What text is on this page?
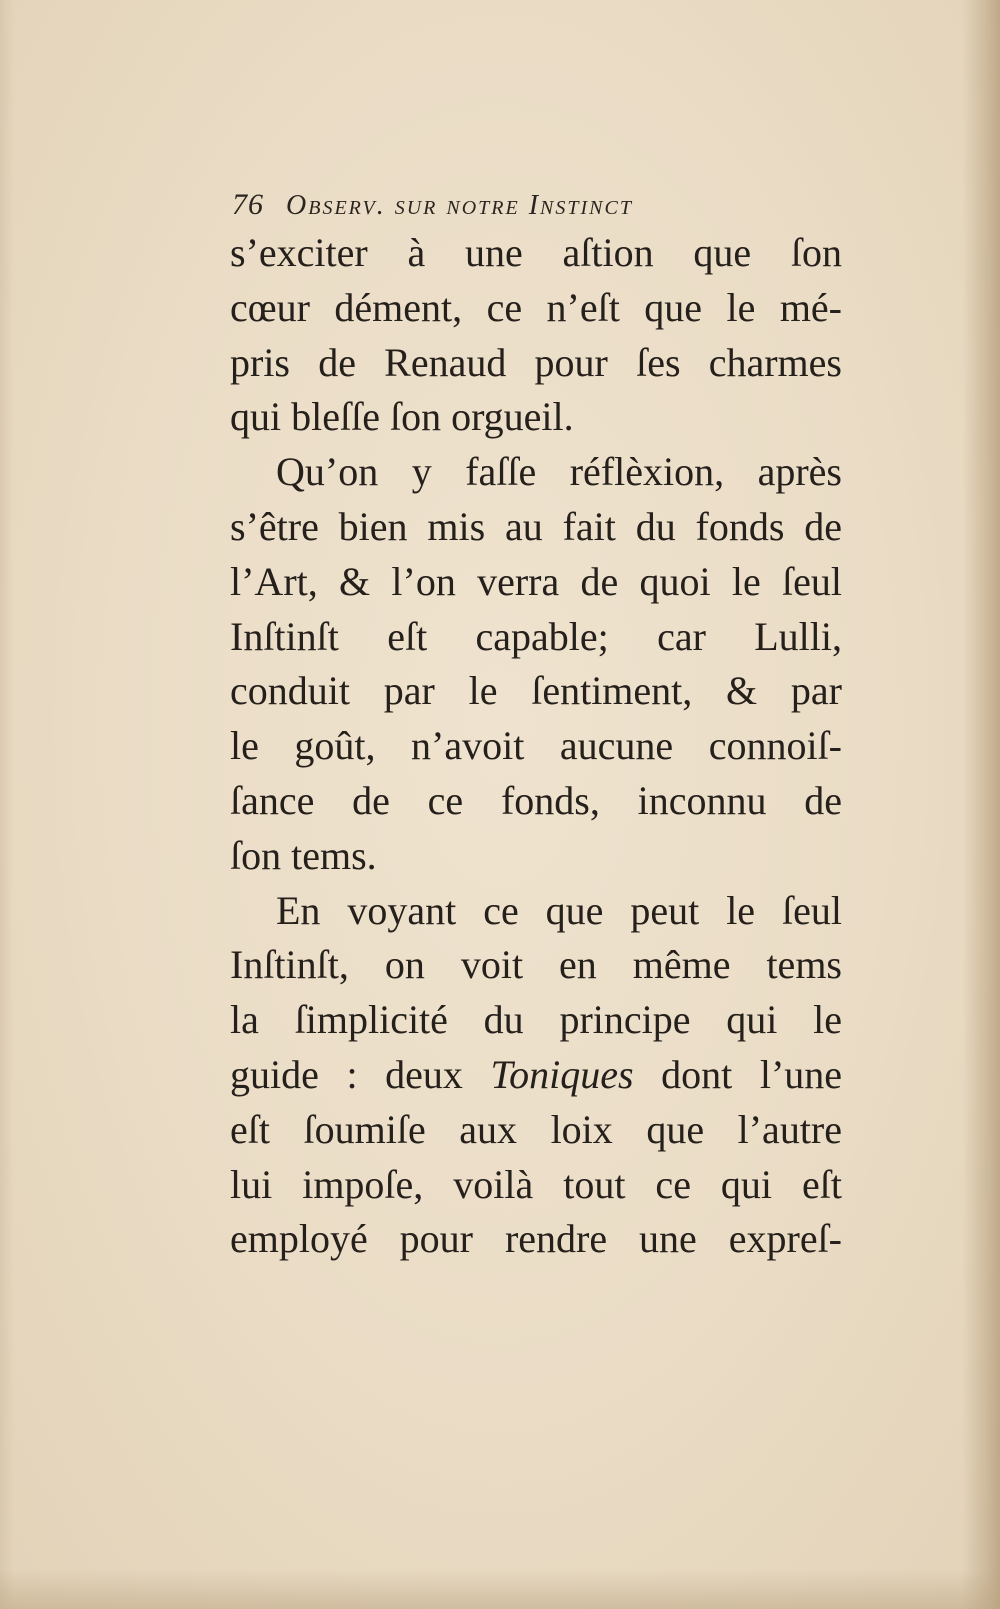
76 Observ. sur notre Instinct
s’exciter à une aſtion que ſon
cœur dément, ce n’eſt que le mé-
pris de Renaud pour ſes charmes
qui bleſſe ſon orgueil.
Qu’on y faſſe réflèxion, après
s’être bien mis au fait du fonds de
l’Art, & l’on verra de quoi le ſeul
Inſtinſt eſt capable; car Lulli,
conduit par le ſentiment, & par
le goût, n’avoit aucune connoiſ-
ſance de ce fonds, inconnu de
ſon tems.
En voyant ce que peut le ſeul
Inſtinſt, on voit en même tems
la ſimplicité du principe qui le
guide : deux Toniques dont l’une
eſt ſoumiſe aux loix que l’autre
lui impoſe, voilà tout ce qui eſt
employé pour rendre une expreſ-
